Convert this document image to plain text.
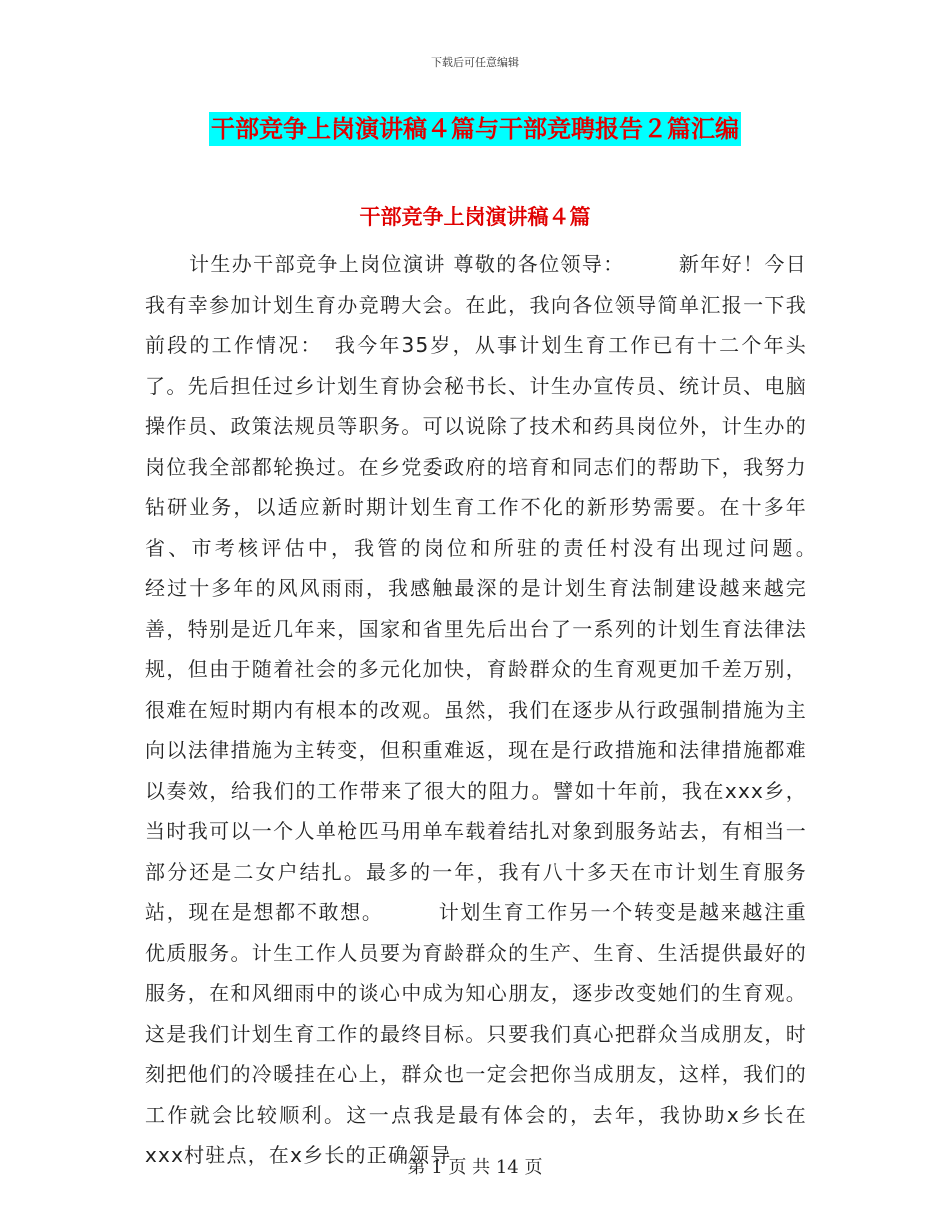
下载后可任意编辑
干部竞争上岗演讲稿４篇与干部竞聘报告２篇汇编
干部竞争上岗演讲稿４篇
计生办干部竞争上岗位演讲 尊敬的各位领导：　　　新年好！今日我有幸参加计划生育办竞聘大会。在此，我向各位领导简单汇报一下我前段的工作情况：　我今年35岁，从事计划生育工作已有十二个年头了。先后担任过乡计划生育协会秘书长、计生办宣传员、统计员、电脑操作员、政策法规员等职务。可以说除了技术和药具岗位外，计生办的岗位我全部都轮换过。在乡党委政府的培育和同志们的帮助下，我努力钻研业务，以适应新时期计划生育工作不化的新形势需要。在十多年省、市考核评估中，我管的岗位和所驻的责任村没有出现过问题。　　　经过十多年的风风雨雨，我感触最深的是计划生育法制建设越来越完善，特别是近几年来，国家和省里先后出台了一系列的计划生育法律法规，但由于随着社会的多元化加快，育龄群众的生育观更加千差万别，很难在短时期内有根本的改观。虽然，我们在逐步从行政强制措施为主向以法律措施为主转变，但积重难返，现在是行政措施和法律措施都难以奏效，给我们的工作带来了很大的阻力。譬如十年前，我在xxx乡，当时我可以一个人单枪匹马用单车载着结扎对象到服务站去，有相当一部分还是二女户结扎。最多的一年，我有八十多天在市计划生育服务站，现在是想都不敢想。　　　计划生育工作另一个转变是越来越注重优质服务。计生工作人员要为育龄群众的生产、生育、生活提供最好的服务，在和风细雨中的谈心中成为知心朋友，逐步改变她们的生育观。这是我们计划生育工作的最终目标。只要我们真心把群众当成朋友，时刻把他们的冷暖挂在心上，群众也一定会把你当成朋友，这样，我们的工作就会比较顺利。这一点我是最有体会的，去年，我协助x乡长在xxx村驻点，在x乡长的正确领导
第 1 页 共 14 页
